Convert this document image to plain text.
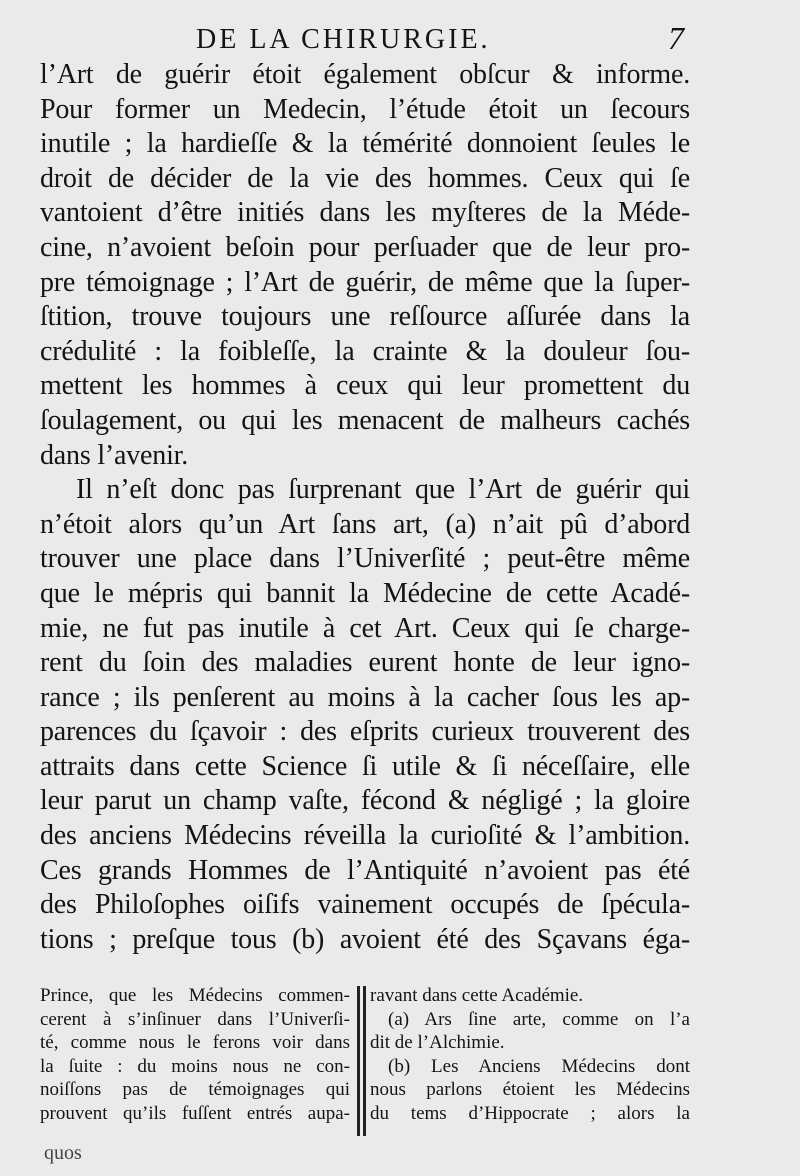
DE LA CHIRURGIE.	7
l’Art de guérir étoit également obſcur & informe.
Pour former un Medecin, l’étude étoit un ſecours
inutile ; la hardieſſe & la témérité donnoient ſeules le
droit de décider de la vie des hommes. Ceux qui ſe
vantoient d’être initiés dans les myſteres de la Méde-
cine, n’avoient beſoin pour perſuader que de leur pro-
pre témoignage ; l’Art de guérir, de même que la ſuper-
ſtition, trouve toujours une reſſource aſſurée dans la
crédulité : la foibleſſe, la crainte & la douleur ſou-
mettent les hommes à ceux qui leur promettent du
ſoulagement, ou qui les menacent de malheurs cachés
dans l’avenir.
Il n’eſt donc pas ſurprenant que l’Art de guérir qui
n’étoit alors qu’un Art ſans art, (a) n’ait pû d’abord
trouver une place dans l’Univerſité ; peut-être même
que le mépris qui bannit la Médecine de cette Acadé-
mie, ne fut pas inutile à cet Art. Ceux qui ſe charge-
rent du ſoin des maladies eurent honte de leur igno-
rance ; ils penſerent au moins à la cacher ſous les ap-
parences du ſçavoir : des eſprits curieux trouverent des
attraits dans cette Science ſi utile & ſi néceſſaire, elle
leur parut un champ vaſte, fécond & négligé ; la gloire
des anciens Médecins réveilla la curioſité & l’ambition.
Ces grands Hommes de l’Antiquité n’avoient pas été
des Philoſophes oiſifs vainement occupés de ſpécula-
tions ; preſque tous (b) avoient été des Sçavans éga-
Prince, que les Médecins commen-
cerent à s’inſinuer dans l’Univerſi-
té, comme nous le ferons voir dans
la ſuite : du moins nous ne con-
noiſſons pas de témoignages qui
prouvent qu’ils fuſſent entrés aupa-
ravant dans cette Académie.
(a) Ars ſine arte, comme on l’a
dit de l’Alchimie.
(b) Les Anciens Médecins dont
nous parlons étoient les Médecins
du tems d’Hippocrate ; alors la
quos
